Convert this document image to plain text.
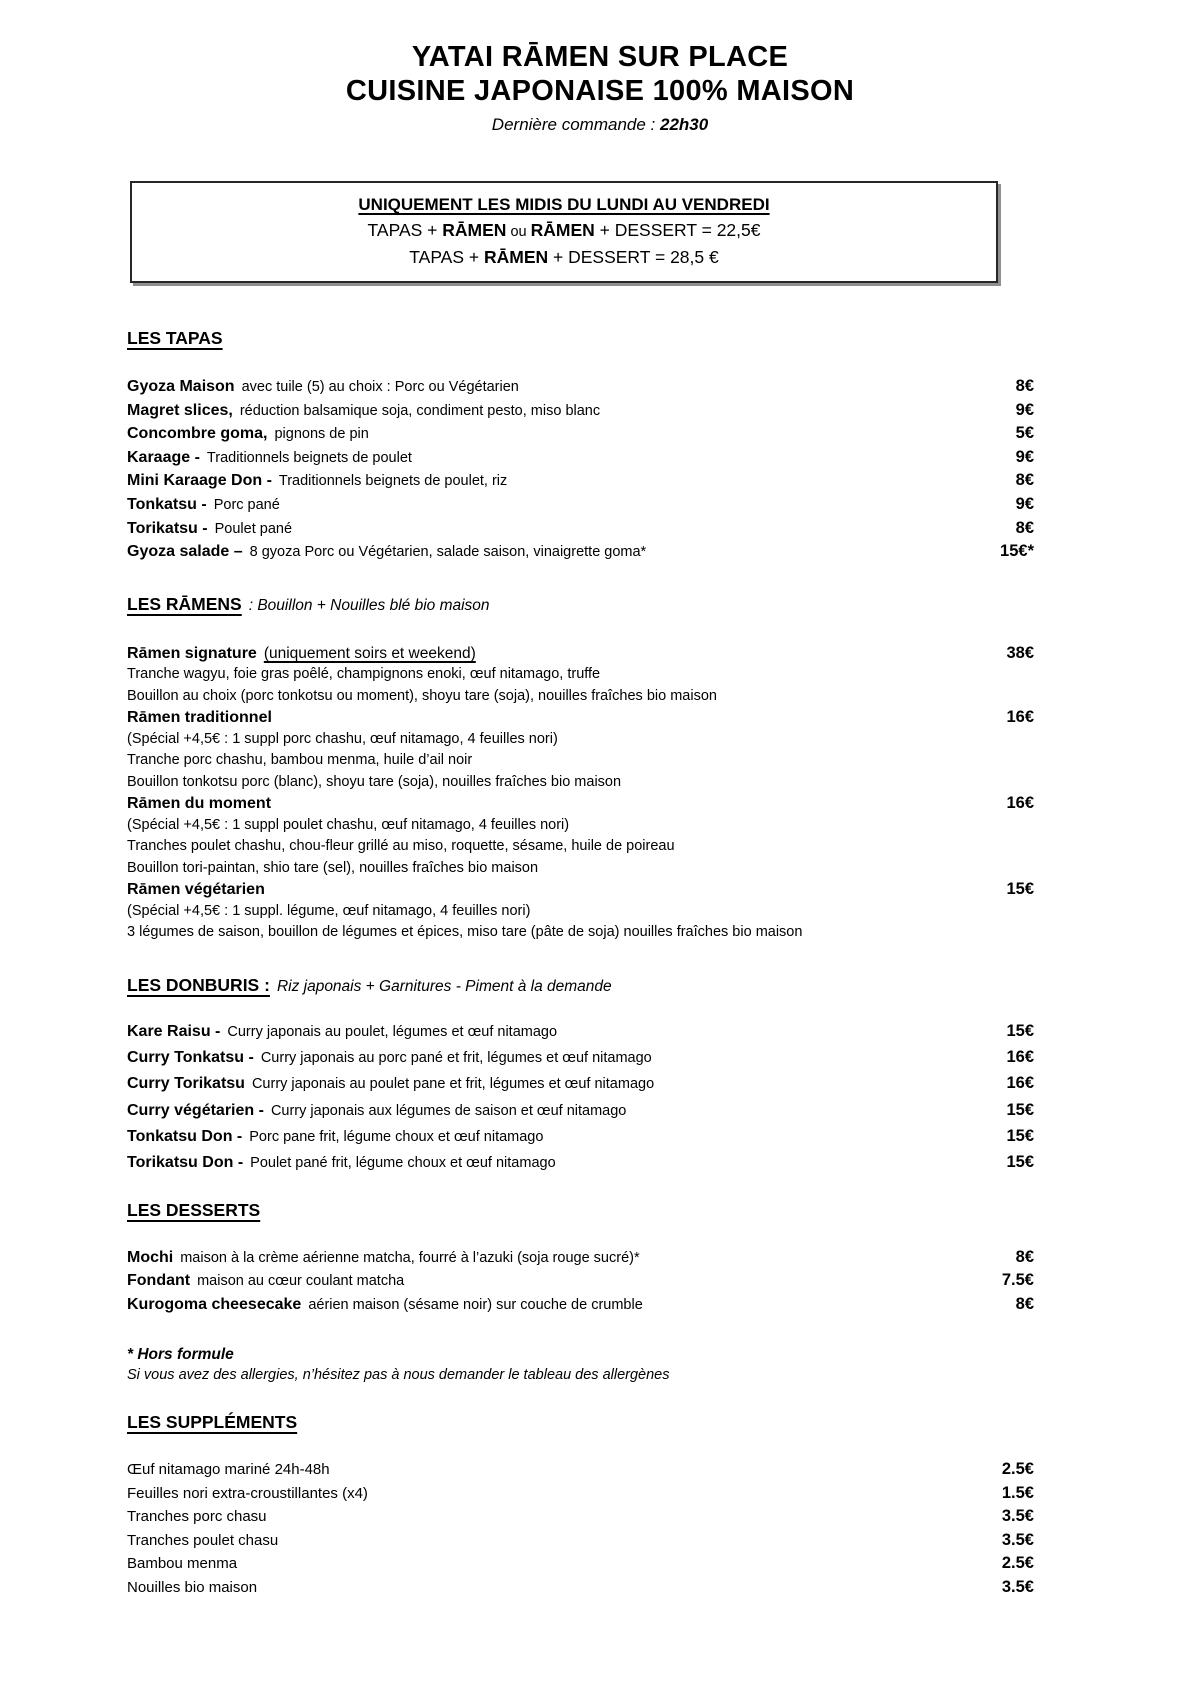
YATAI RĀMEN SUR PLACE
CUISINE JAPONAISE 100% MAISON
Dernière commande : 22h30
UNIQUEMENT LES MIDIS DU LUNDI AU VENDREDI
TAPAS + RĀMEN ou RĀMEN + DESSERT = 22,5€
TAPAS + RĀMEN + DESSERT = 28,5 €
LES TAPAS
Gyoza Maison avec tuile (5) au choix : Porc ou Végétarien	8€
Magret slices, réduction balsamique soja, condiment pesto, miso blanc	9€
Concombre goma, pignons de pin	5€
Karaage - Traditionnels beignets de poulet	9€
Mini Karaage Don - Traditionnels beignets de poulet, riz	8€
Tonkatsu - Porc pané	9€
Torikatsu - Poulet pané	8€
Gyoza salade – 8 gyoza Porc ou Végétarien, salade saison, vinaigrette goma*	15€*
LES RĀMENS : Bouillon + Nouilles blé bio maison
Rāmen signature (uniquement soirs et weekend)	38€
Tranche wagyu, foie gras poêlé, champignons enoki, œuf nitamago, truffe
Bouillon au choix (porc tonkotsu ou moment), shoyu tare (soja), nouilles fraîches bio maison
Rāmen traditionnel	16€
(Spécial +4,5€ : 1 suppl porc chashu, œuf nitamago, 4 feuilles nori)
Tranche porc chashu, bambou menma, huile d’ail noir
Bouillon tonkotsu porc (blanc), shoyu tare (soja), nouilles fraîches bio maison
Rāmen du moment	16€
(Spécial +4,5€ : 1 suppl poulet chashu, œuf nitamago, 4 feuilles nori)
Tranches poulet chashu, chou-fleur grillé au miso, roquette, sésame, huile de poireau
Bouillon tori-paintan, shio tare (sel), nouilles fraîches bio maison
Rāmen végétarien	15€
(Spécial +4,5€ : 1 suppl. légume, œuf nitamago, 4 feuilles nori)
3 légumes de saison, bouillon de légumes et épices, miso tare (pâte de soja) nouilles fraîches bio maison
LES DONBURIS : Riz japonais + Garnitures - Piment à la demande
Kare Raisu - Curry japonais au poulet, légumes et œuf nitamago	15€
Curry Tonkatsu - Curry japonais au porc pané et frit, légumes et œuf nitamago	16€
Curry Torikatsu Curry japonais au poulet pane et frit, légumes et œuf nitamago	16€
Curry végétarien - Curry japonais aux légumes de saison et œuf nitamago	15€
Tonkatsu Don - Porc pane frit, légume choux et œuf nitamago	15€
Torikatsu Don - Poulet pané frit, légume choux et œuf nitamago	15€
LES DESSERTS
Mochi maison à la crème aérienne matcha, fourré à l’azuki (soja rouge sucré)*	8€
Fondant maison au cœur coulant matcha	7.5€
Kurogoma cheesecake aérien maison (sésame noir) sur couche de crumble	8€
* Hors formule
Si vous avez des allergies, n’hésitez pas à nous demander le tableau des allergènes
LES SUPPLÉMENTS
Œuf nitamago mariné 24h-48h	2.5€
Feuilles nori extra-croustillantes (x4)	1.5€
Tranches porc chasu	3.5€
Tranches poulet chasu	3.5€
Bambou menma	2.5€
Nouilles bio maison	3.5€
